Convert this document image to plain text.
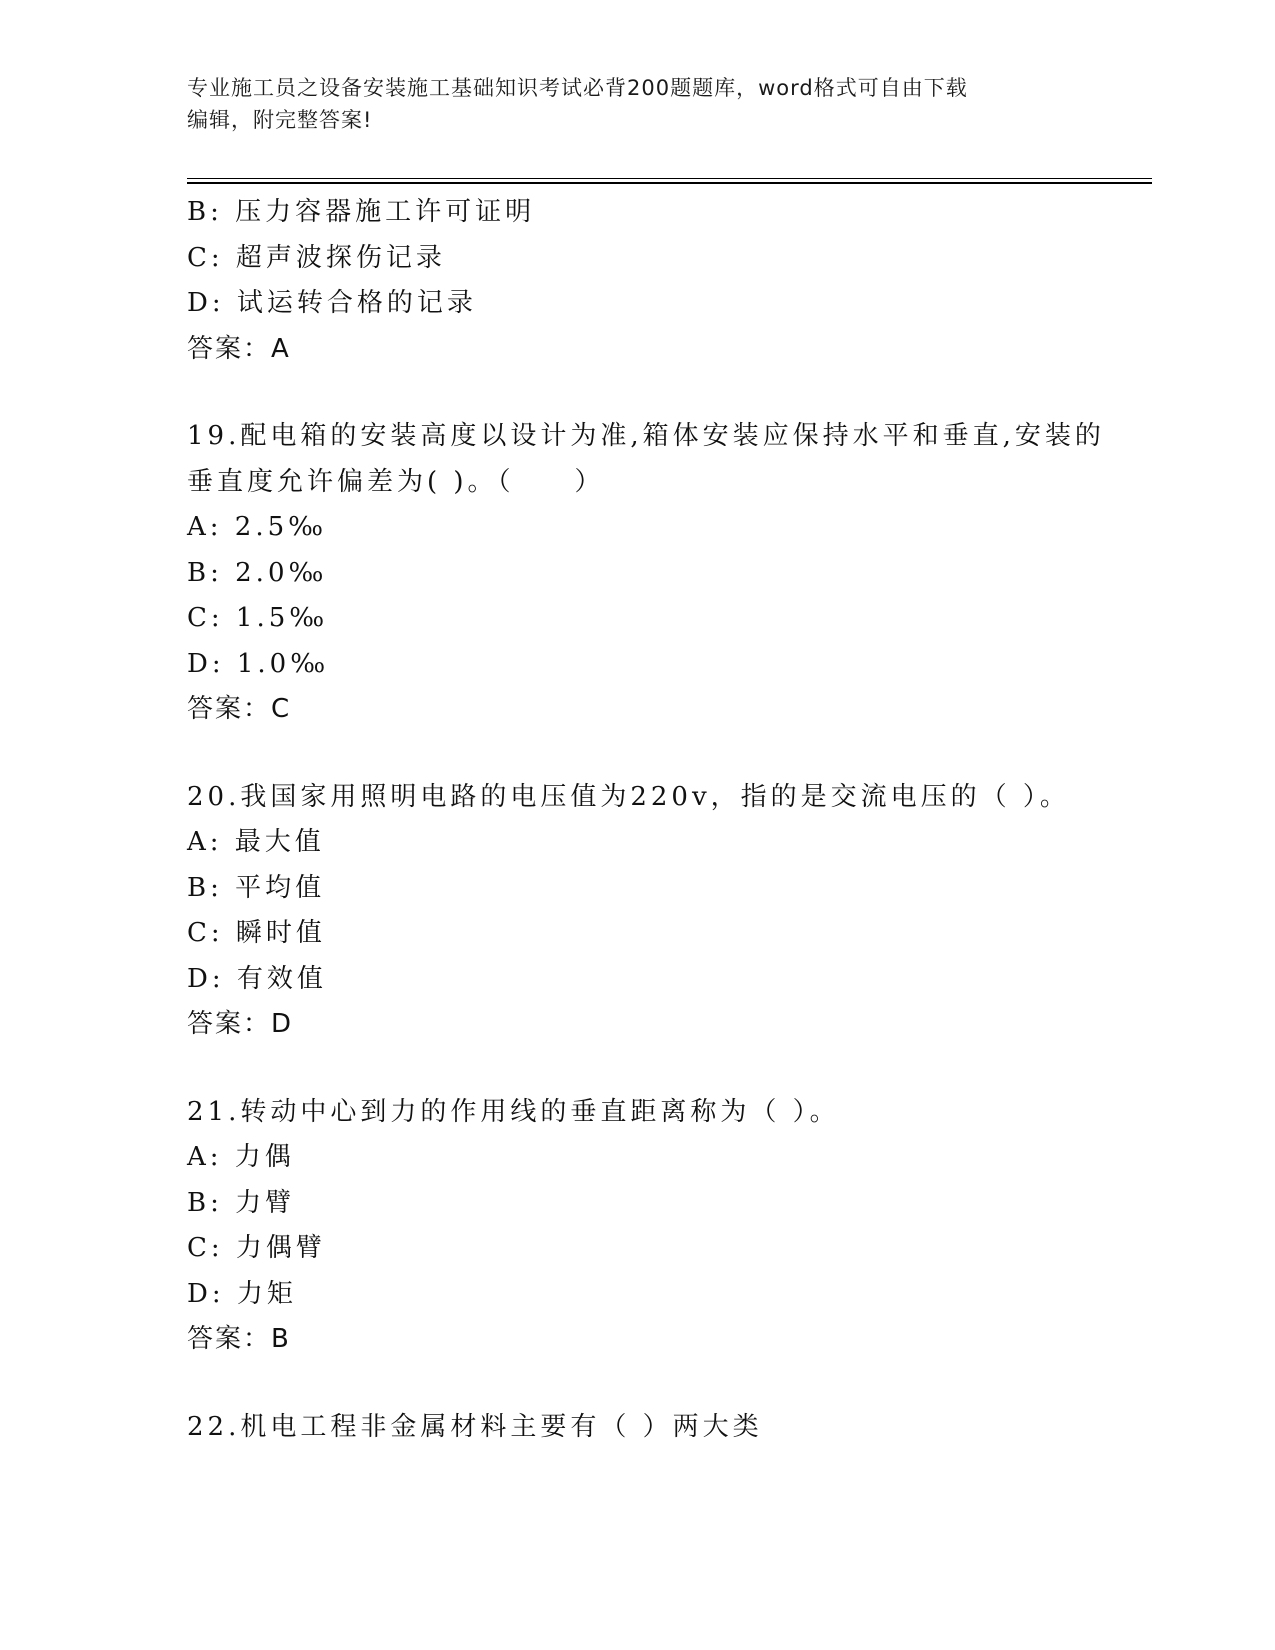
专业施工员之设备安装施工基础知识考试必背200题题库，word格式可自由下载
编辑，附完整答案!
B: 压力容器施工许可证明
C: 超声波探伤记录
D: 试运转合格的记录
答案：A
19.配电箱的安装高度以设计为准,箱体安装应保持水平和垂直,安装的
垂直度允许偏差为( )。（　　）
A: 2.5‰
B: 2.0‰
C: 1.5‰
D: 1.0‰
答案：C
20.我国家用照明电路的电压值为220v，指的是交流电压的（ ）。
A: 最大值
B: 平均值
C: 瞬时值
D: 有效值
答案：D
21.转动中心到力的作用线的垂直距离称为（ ）。
A: 力偶
B: 力臂
C: 力偶臂
D: 力矩
答案：B
22.机电工程非金属材料主要有（ ）两大类
